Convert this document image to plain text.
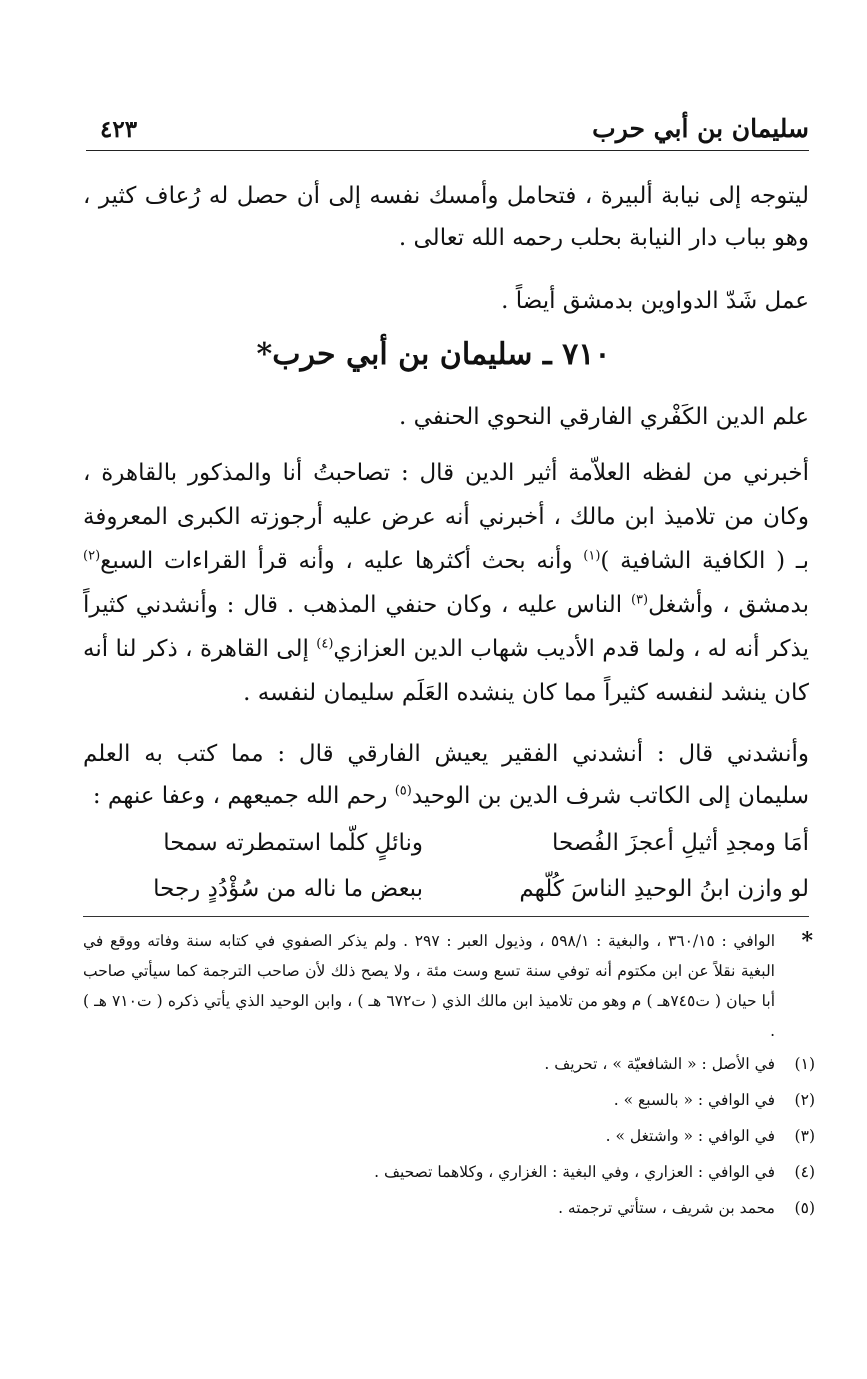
سليمان بن أبي حرب
٤٢٣
ليتوجه إلى نيابة ألبيرة ، فتحامل وأمسك نفسه إلى أن حصل له رُعاف كثير ، وهو بباب دار النيابة بحلب رحمه الله تعالى .
عمل شَدّ الدواوين بدمشق أيضاً .
٧١٠ ـ سليمان بن أبي حرب*
علم الدين الكَفْري الفارقي النحوي الحنفي .
أخبرني من لفظه العلاّمة أثير الدين قال : تصاحبتُ أنا والمذكور بالقاهرة ، وكان من تلاميذ ابن مالك ، أخبرني أنه عرض عليه أرجوزته الكبرى المعروفة بـ ( الكافية الشافية )$^{(١)}$ وأنه بحث أكثرها عليه ، وأنه قرأ القراءات السبع$^{(٢)}$ بدمشق ، وأشغل$^{(٣)}$ الناس عليه ، وكان حنفي المذهب . قال : وأنشدني كثيراً يذكر أنه له ، ولما قدم الأديب شهاب الدين العزازي$^{(٤)}$ إلى القاهرة ، ذكر لنا أنه كان ينشد لنفسه كثيراً مما كان ينشده العَلَم سليمان لنفسه .
وأنشدني قال : أنشدني الفقير يعيش الفارقي قال : مما كتب به العلم سليمان إلى الكاتب شرف الدين بن الوحيد$^{(٥)}$ رحم الله جميعهم ، وعفا عنهم :
أمَا ومجدِ أثيلِ أعجزَ الفُصحا
ونائلٍ كلّما استمطرته سمحا
لو وازن ابنُ الوحيدِ الناسَ كُلّهم
ببعض ما ناله من سُؤْدُدٍ رجحا
*
الوافي : ٣٦٠/١٥ ، والبغية : ٥٩٨/١ ، وذيول العبر : ٢٩٧ . ولم يذكر الصفوي في كتابه سنة وفاته ووقع في البغية نقلاً عن ابن مكتوم أنه توفي سنة تسع وست مئة ، ولا يصح ذلك لأن صاحب الترجمة كما سيأتي صاحب أبا حيان ( ت٧٤٥هـ ) م وهو من تلاميذ ابن مالك الذي ( ت٦٧٢ هـ ) ، وابن الوحيد الذي يأتي ذكره ( ت٧١٠ هـ ) .
(١)
في الأصل : « الشافعيّة » ، تحريف .
(٢)
في الوافي : « بالسبع » .
(٣)
في الوافي : « واشتغل » .
(٤)
في الوافي : العزاري ، وفي البغية : الغزاري ، وكلاهما تصحيف .
(٥)
محمد بن شريف ، ستأتي ترجمته .
